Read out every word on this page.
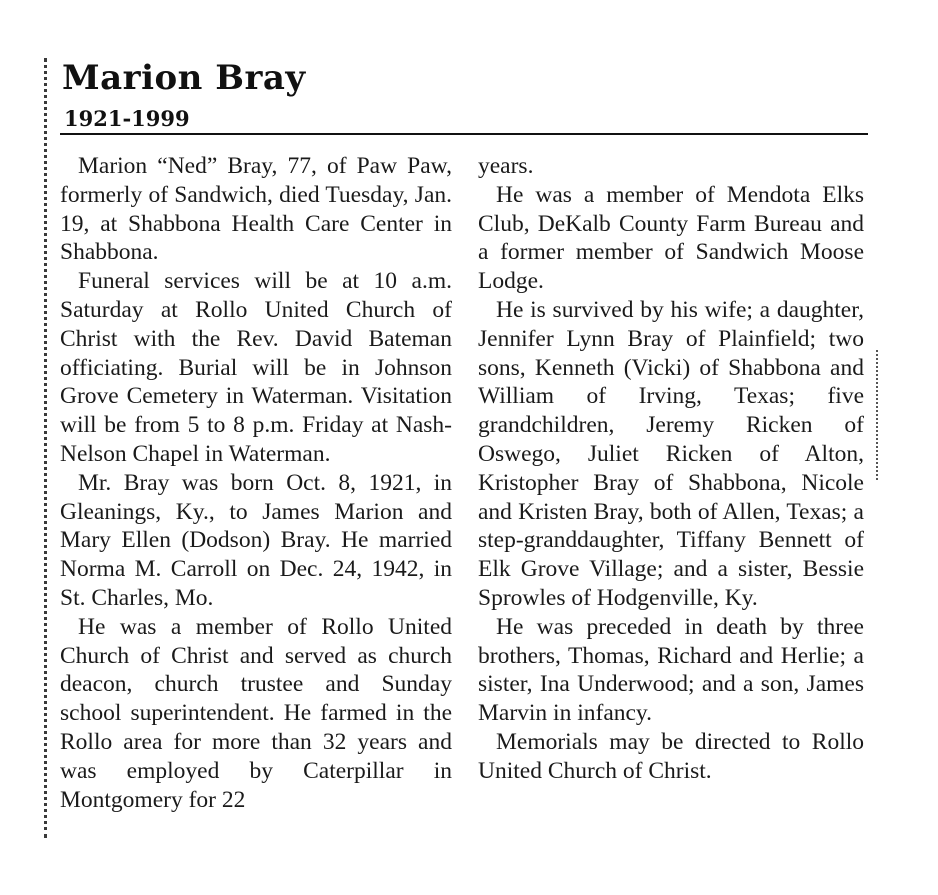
Marion Bray
1921-1999

Marion “Ned” Bray, 77, of Paw Paw, formerly of Sandwich, died Tuesday, Jan. 19, at Shabbona Health Care Center in Shabbona.

Funeral services will be at 10 a.m. Saturday at Rollo United Church of Christ with the Rev. David Bateman officiating. Burial will be in Johnson Grove Cemetery in Waterman. Visitation will be from 5 to 8 p.m. Friday at Nash-Nelson Chapel in Waterman.

Mr. Bray was born Oct. 8, 1921, in Gleanings, Ky., to James Marion and Mary Ellen (Dodson) Bray. He married Norma M. Carroll on Dec. 24, 1942, in St. Charles, Mo.

He was a member of Rollo United Church of Christ and served as church deacon, church trustee and Sunday school superintendent. He farmed in the Rollo area for more than 32 years and was employed by Caterpillar in Montgomery for 22

years.

He was a member of Mendota Elks Club, DeKalb County Farm Bureau and a former member of Sandwich Moose Lodge.

He is survived by his wife; a daughter, Jennifer Lynn Bray of Plainfield; two sons, Kenneth (Vicki) of Shabbona and William of Irving, Texas; five grandchildren, Jeremy Ricken of Oswego, Juliet Ricken of Alton, Kristopher Bray of Shabbona, Nicole and Kristen Bray, both of Allen, Texas; a step-granddaughter, Tiffany Bennett of Elk Grove Village; and a sister, Bessie Sprowles of Hodgenville, Ky.

He was preceded in death by three brothers, Thomas, Richard and Herlie; a sister, Ina Underwood; and a son, James Marvin in infancy.

Memorials may be directed to Rollo United Church of Christ.
